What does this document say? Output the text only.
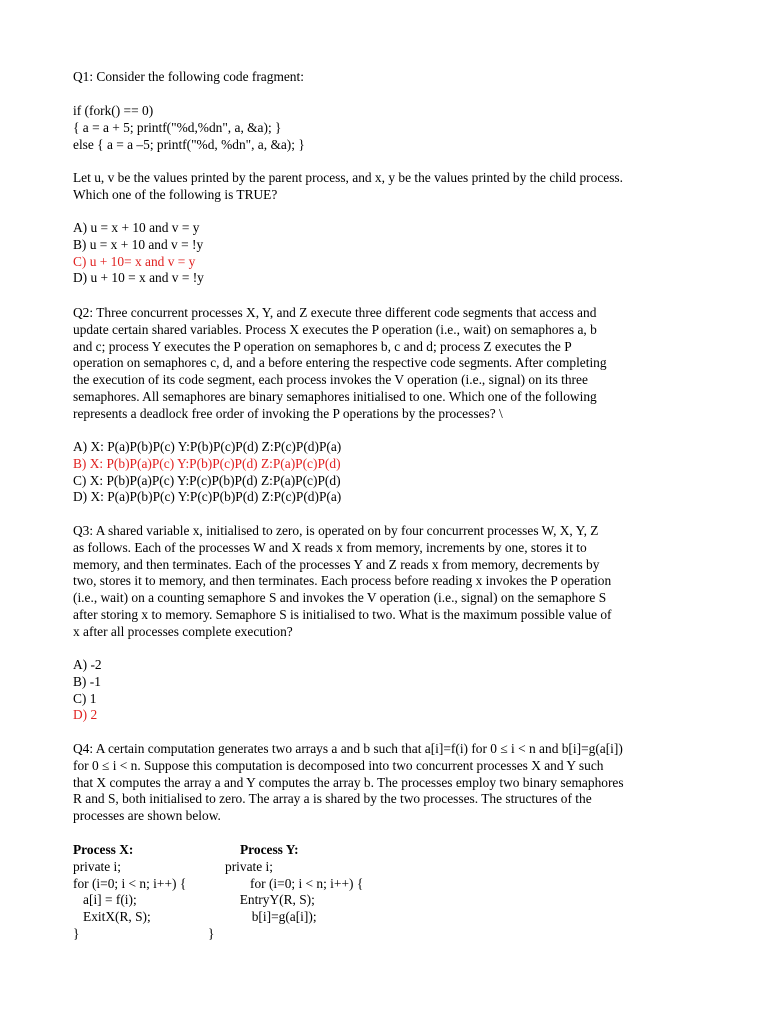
Q1: Consider the following code fragment:

if (fork() == 0)

{ a = a + 5; printf("%d,%dn", a, &a); }

else { a = a –5; printf("%d, %dn", a, &a); }

Let u, v be the values printed by the parent process, and x, y be the values printed by the child process.

Which one of the following is TRUE?

A) u = x + 10 and v = y

B) u = x + 10 and v = !y

C) u + 10= x and v = y

D) u + 10 = x and v = !y

Q2: Three concurrent processes X, Y, and Z execute three different code segments that access and

update certain shared variables. Process X executes the P operation (i.e., wait) on semaphores a, b

and c; process Y executes the P operation on semaphores b, c and d; process Z executes the P

operation on semaphores c, d, and a before entering the respective code segments. After completing

the execution of its code segment, each process invokes the V operation (i.e., signal) on its three

semaphores. All semaphores are binary semaphores initialised to one. Which one of the following

represents a deadlock free order of invoking the P operations by the processes? \

A) X: P(a)P(b)P(c) Y:P(b)P(c)P(d) Z:P(c)P(d)P(a)

B) X: P(b)P(a)P(c) Y:P(b)P(c)P(d) Z:P(a)P(c)P(d)

C) X: P(b)P(a)P(c) Y:P(c)P(b)P(d) Z:P(a)P(c)P(d)

D) X: P(a)P(b)P(c) Y:P(c)P(b)P(d) Z:P(c)P(d)P(a)

Q3: A shared variable x, initialised to zero, is operated on by four concurrent processes W, X, Y, Z

as follows. Each of the processes W and X reads x from memory, increments by one, stores it to

memory, and then terminates. Each of the processes Y and Z reads x from memory, decrements by

two, stores it to memory, and then terminates. Each process before reading x invokes the P operation

(i.e., wait) on a counting semaphore S and invokes the V operation (i.e., signal) on the semaphore S

after storing x to memory. Semaphore S is initialised to two. What is the maximum possible value of

x after all processes complete execution?

A) -2

B) -1

C) 1

D) 2

Q4: A certain computation generates two arrays a and b such that a[i]=f(i) for 0 ≤ i < n and b[i]=g(a[i])

for 0 ≤ i < n. Suppose this computation is decomposed into two concurrent processes X and Y such

that X computes the array a and Y computes the array b. The processes employ two binary semaphores

R and S, both initialised to zero. The array a is shared by the two processes. The structures of the

processes are shown below.

Process X:

private i;

for (i=0; i < n; i++) {

a[i] = f(i);

ExitX(R, S);

}

Process Y:

private i;

for (i=0; i < n; i++) {

EntryY(R, S);

b[i]=g(a[i]);

}
